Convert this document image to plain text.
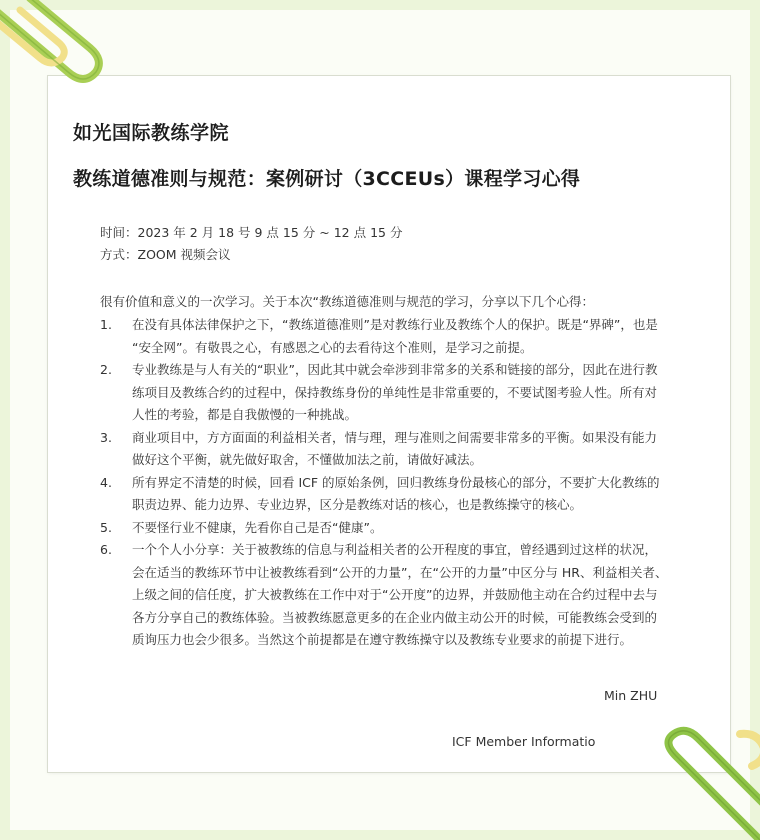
如光国际教练学院
教练道德准则与规范：案例研讨（3CCEUs）课程学习心得
时间：2023 年 2 月 18 号 9 点 15 分 ~ 12 点 15 分
方式：ZOOM 视频会议
很有价值和意义的一次学习。关于本次“教练道德准则与规范的学习，分享以下几个心得：
1. 在没有具体法律保护之下，“教练道德准则”是对教练行业及教练个人的保护。既是“界碑”，也是
“安全网”。有敬畏之心，有感恩之心的去看待这个准则，是学习之前提。
2. 专业教练是与人有关的“职业”，因此其中就会牵涉到非常多的关系和链接的部分，因此在进行教
练项目及教练合约的过程中，保持教练身份的单纯性是非常重要的，不要试图考验人性。所有对
人性的考验，都是自我傲慢的一种挑战。
3. 商业项目中，方方面面的利益相关者，情与理，理与准则之间需要非常多的平衡。如果没有能力
做好这个平衡，就先做好取舍，不懂做加法之前，请做好减法。
4. 所有界定不清楚的时候，回看 ICF 的原始条例，回归教练身份最核心的部分，不要扩大化教练的
职责边界、能力边界、专业边界，区分是教练对话的核心，也是教练操守的核心。
5. 不要怪行业不健康，先看你自己是否“健康”。
6. 一个个人小分享：关于被教练的信息与利益相关者的公开程度的事宜，曾经遇到过这样的状况，
会在适当的教练环节中让被教练看到“公开的力量”，在“公开的力量”中区分与 HR、利益相关者、
上级之间的信任度，扩大被教练在工作中对于“公开度”的边界，并鼓励他主动在合约过程中去与
各方分享自己的教练体验。当被教练愿意更多的在企业内做主动公开的时候，可能教练会受到的
质询压力也会少很多。当然这个前提都是在遵守教练操守以及教练专业要求的前提下进行。
Min ZHU
ICF Member Informatio
